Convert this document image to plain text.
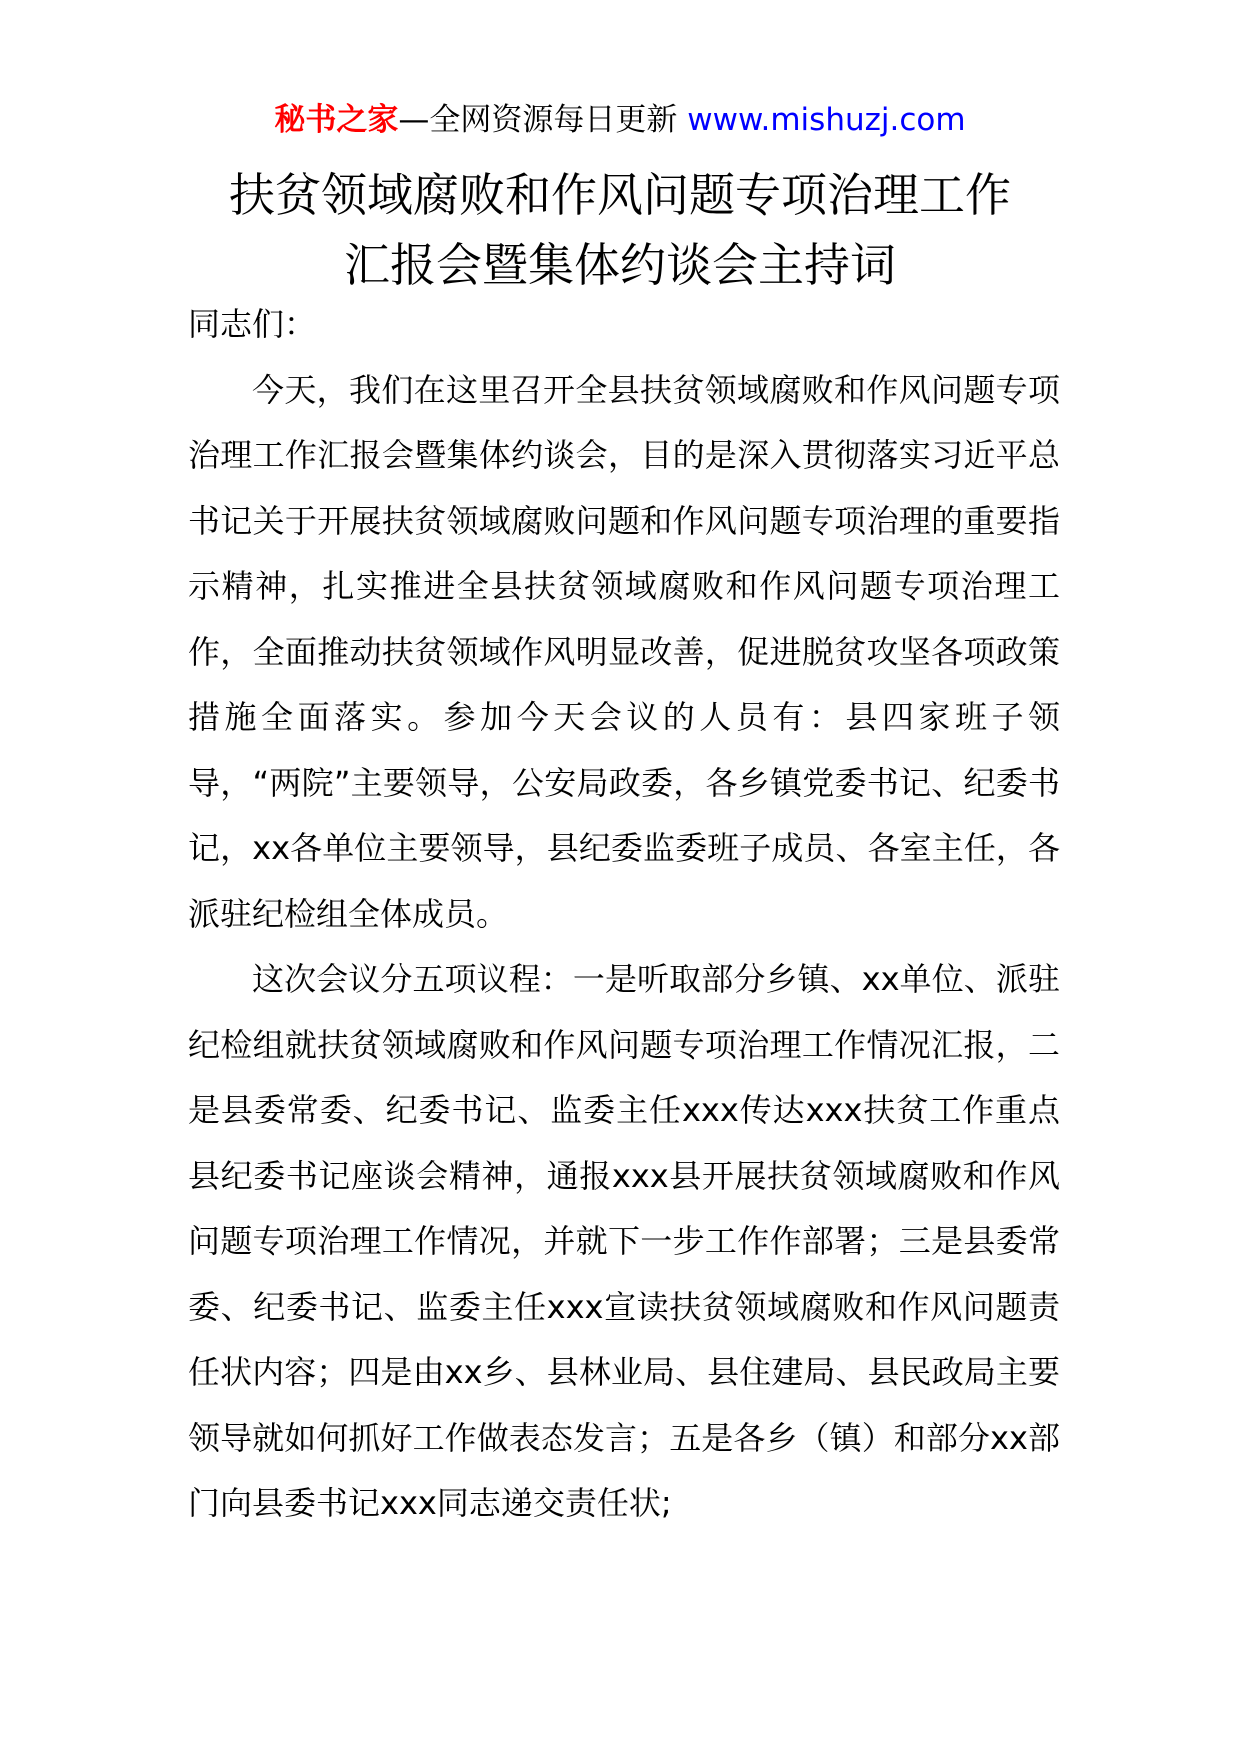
秘书之家—全网资源每日更新 www.mishuzj.com
扶贫领域腐败和作风问题专项治理工作
汇报会暨集体约谈会主持词

同志们：

今天，我们在这里召开全县扶贫领域腐败和作风问题专项治理工作汇报会暨集体约谈会，目的是深入贯彻落实习近平总书记关于开展扶贫领域腐败问题和作风问题专项治理的重要指示精神，扎实推进全县扶贫领域腐败和作风问题专项治理工作，全面推动扶贫领域作风明显改善，促进脱贫攻坚各项政策措施全面落实。参加今天会议的人员有：县四家班子领导，“两院”主要领导，公安局政委，各乡镇党委书记、纪委书记，xx各单位主要领导，县纪委监委班子成员、各室主任，各派驻纪检组全体成员。

这次会议分五项议程：一是听取部分乡镇、xx单位、派驻纪检组就扶贫领域腐败和作风问题专项治理工作情况汇报，二是县委常委、纪委书记、监委主任xxx传达xxx扶贫工作重点县纪委书记座谈会精神，通报xxx县开展扶贫领域腐败和作风问题专项治理工作情况，并就下一步工作作部署；三是县委常委、纪委书记、监委主任xxx宣读扶贫领域腐败和作风问题责任状内容；四是由xx乡、县林业局、县住建局、县民政局主要领导就如何抓好工作做表态发言；五是各乡（镇）和部分xx部门向县委书记xxx同志递交责任状;
